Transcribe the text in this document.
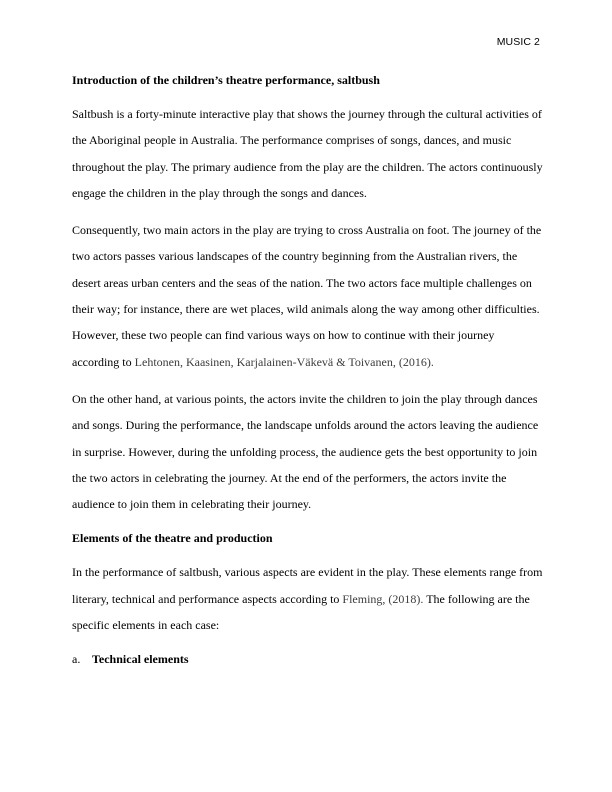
MUSIC 2

Introduction of the children’s theatre performance, saltbush

Saltbush is a forty-minute interactive play that shows the journey through the cultural activities of the Aboriginal people in Australia. The performance comprises of songs, dances, and music throughout the play. The primary audience from the play are the children. The actors continuously engage the children in the play through the songs and dances.

Consequently, two main actors in the play are trying to cross Australia on foot. The journey of the two actors passes various landscapes of the country beginning from the Australian rivers, the desert areas urban centers and the seas of the nation. The two actors face multiple challenges on their way; for instance, there are wet places, wild animals along the way among other difficulties. However, these two people can find various ways on how to continue with their journey according to Lehtonen, Kaasinen, Karjalainen-Väkevä & Toivanen, (2016).

On the other hand, at various points, the actors invite the children to join the play through dances and songs. During the performance, the landscape unfolds around the actors leaving the audience in surprise. However, during the unfolding process, the audience gets the best opportunity to join the two actors in celebrating the journey. At the end of the performers, the actors invite the audience to join them in celebrating their journey.

Elements of the theatre and production

In the performance of saltbush, various aspects are evident in the play. These elements range from literary, technical and performance aspects according to Fleming, (2018). The following are the specific elements in each case:

a. Technical elements
